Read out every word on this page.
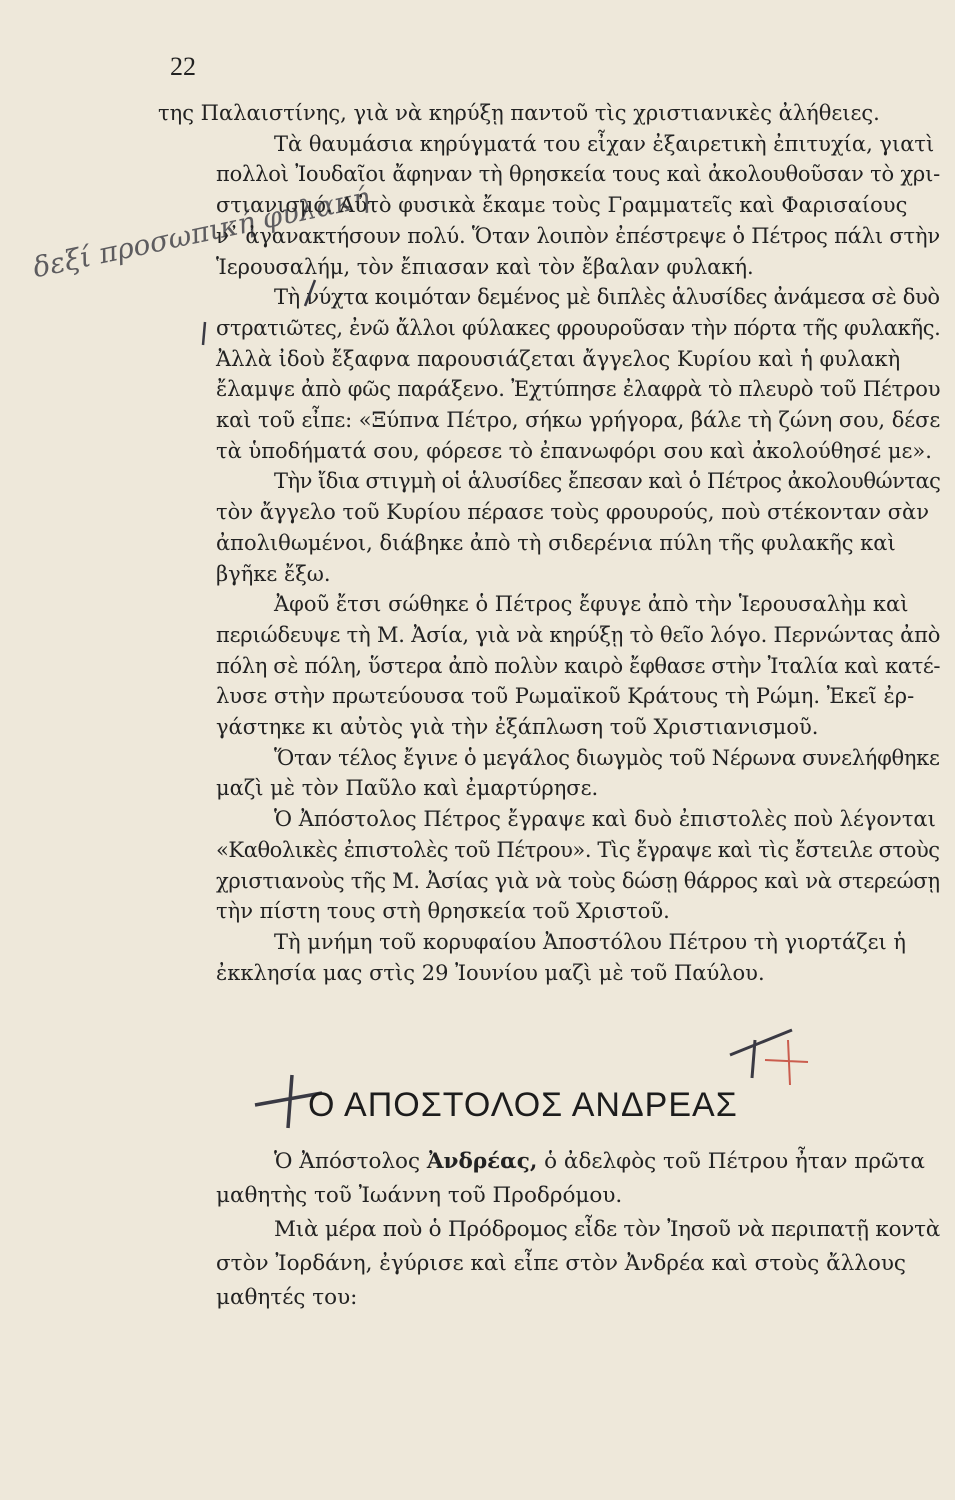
22
δεξί προσωπική φυλακή

της Παλαιστίνης, γιὰ νὰ κηρύξῃ παντοῦ τὶς χριστιανικὲς ἀλήθειες.

Τὰ θαυμάσια κηρύγματά του εἶχαν ἐξαιρετικὴ ἐπιτυχία, γιατὶ
πολλοὶ Ἰουδαῖοι ἄφηναν τὴ θρησκεία τους καὶ ἀκολουθοῦσαν τὸ χρι-
στιανισμό. Αὐτὸ φυσικὰ ἔκαμε τοὺς Γραμματεῖς καὶ Φαρισαίους
ν᾽ ἀγανακτήσουν πολύ. Ὅταν λοιπὸν ἐπέστρεψε ὁ Πέτρος πάλι στὴν
Ἱερουσαλήμ, τὸν ἔπιασαν καὶ τὸν ἔβαλαν φυλακή.

Τὴ νύχτα κοιμόταν δεμένος μὲ διπλὲς ἁλυσίδες ἀνάμεσα σὲ δυὸ
στρατιῶτες, ἐνῶ ἄλλοι φύλακες φρουροῦσαν τὴν πόρτα τῆς φυλακῆς.
Ἀλλὰ ἰδοὺ ἔξαφνα παρουσιάζεται ἄγγελος Κυρίου καὶ ἡ φυλακὴ
ἔλαμψε ἀπὸ φῶς παράξενο. Ἐχτύπησε ἐλαφρὰ τὸ πλευρὸ τοῦ Πέτρου
καὶ τοῦ εἶπε: «Ξύπνα Πέτρο, σήκω γρήγορα, βάλε τὴ ζώνη σου, δέσε
τὰ ὑποδήματά σου, φόρεσε τὸ ἐπανωφόρι σου καὶ ἀκολούθησέ με».

Τὴν ἴδια στιγμὴ οἱ ἁλυσίδες ἔπεσαν καὶ ὁ Πέτρος ἀκολουθώντας
τὸν ἄγγελο τοῦ Κυρίου πέρασε τοὺς φρουρούς, ποὺ στέκονταν σὰν
ἀπολιθωμένοι, διάβηκε ἀπὸ τὴ σιδερένια πύλη τῆς φυλακῆς καὶ
βγῆκε ἔξω.

Ἀφοῦ ἔτσι σώθηκε ὁ Πέτρος ἔφυγε ἀπὸ τὴν Ἱερουσαλὴμ καὶ
περιώδευψε τὴ Μ. Ἀσία, γιὰ νὰ κηρύξῃ τὸ θεῖο λόγο. Περνώντας ἀπὸ
πόλη σὲ πόλη, ὕστερα ἀπὸ πολὺν καιρὸ ἔφθασε στὴν Ἰταλία καὶ κατέ-
λυσε στὴν πρωτεύουσα τοῦ Ρωμαϊκοῦ Κράτους τὴ Ρώμη. Ἐκεῖ ἐρ-
γάστηκε κι αὐτὸς γιὰ τὴν ἐξάπλωση τοῦ Χριστιανισμοῦ.

Ὅταν τέλος ἔγινε ὁ μεγάλος διωγμὸς τοῦ Νέρωνα συνελήφθηκε
μαζὶ μὲ τὸν Παῦλο καὶ ἐμαρτύρησε.

Ὁ Ἀπόστολος Πέτρος ἔγραψε καὶ δυὸ ἐπιστολὲς ποὺ λέγονται
«Καθολικὲς ἐπιστολὲς τοῦ Πέτρου». Τὶς ἔγραψε καὶ τὶς ἔστειλε στοὺς
χριστιανοὺς τῆς Μ. Ἀσίας γιὰ νὰ τοὺς δώσῃ θάρρος καὶ νὰ στερεώσῃ
τὴν πίστη τους στὴ θρησκεία τοῦ Χριστοῦ.

Τὴ μνήμη τοῦ κορυφαίου Ἀποστόλου Πέτρου τὴ γιορτάζει ἡ
ἐκκλησία μας στὶς 29 Ἰουνίου μαζὶ μὲ τοῦ Παύλου.

Ο ΑΠΟΣΤΟΛΟΣ ΑΝΔΡΕΑΣ

Ὁ Ἀπόστολος Ἀνδρέας, ὁ ἀδελφὸς τοῦ Πέτρου ἦταν πρῶτα
μαθητὴς τοῦ Ἰωάννη τοῦ Προδρόμου.

Μιὰ μέρα ποὺ ὁ Πρόδρομος εἶδε τὸν Ἰησοῦ νὰ περιπατῇ κοντὰ
στὸν Ἰορδάνη, ἐγύρισε καὶ εἶπε στὸν Ἀνδρέα καὶ στοὺς ἄλλους
μαθητές του:
